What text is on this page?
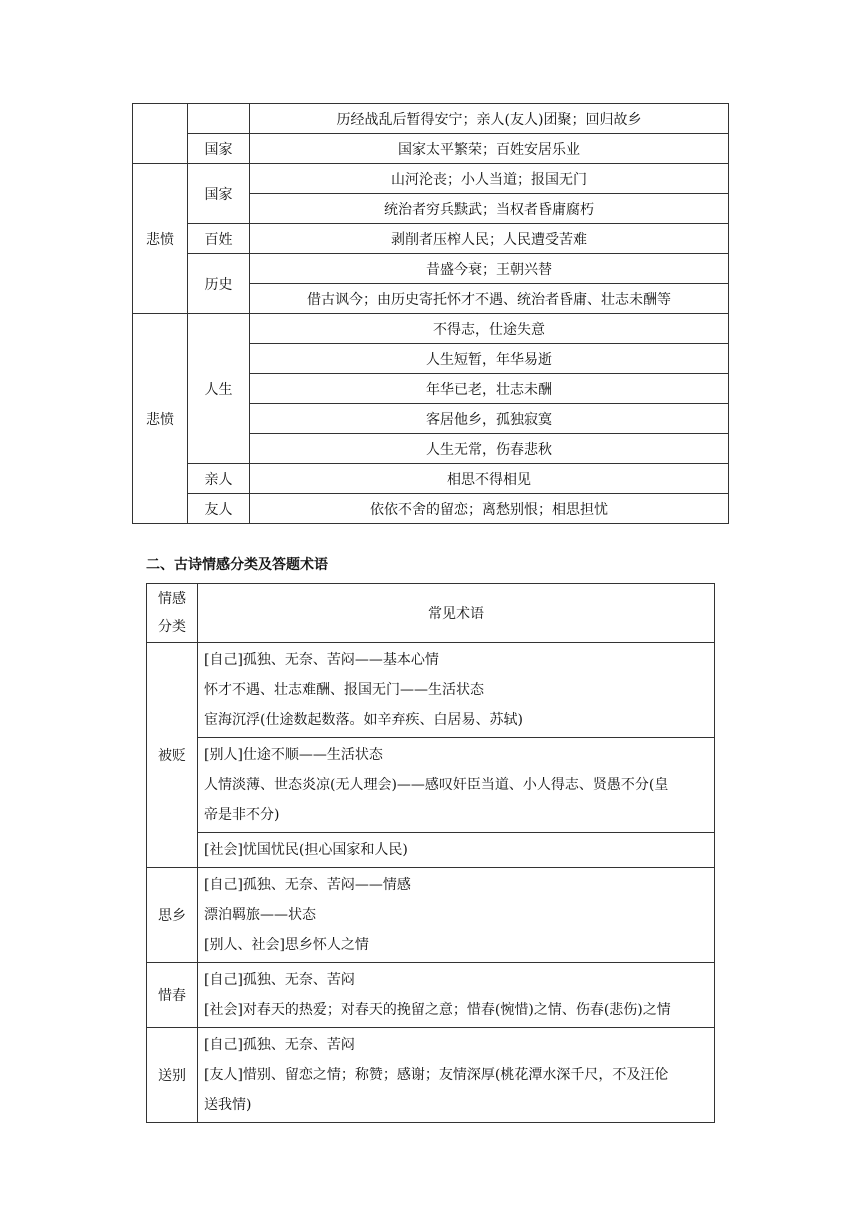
		历经战乱后暂得安宁；亲人(友人)团聚；回归故乡
	国家	国家太平繁荣；百姓安居乐业
悲愤	国家	山河沦丧；小人当道；报国无门
		统治者穷兵黩武；当权者昏庸腐朽
	百姓	剥削者压榨人民；人民遭受苦难
	历史	昔盛今衰；王朝兴替
		借古讽今；由历史寄托怀才不遇、统治者昏庸、壮志未酬等
悲愤	人生	不得志，仕途失意
		人生短暂，年华易逝
		年华已老，壮志未酬
		客居他乡，孤独寂寞
		人生无常，伤春悲秋
	亲人	相思不得相见
	友人	依依不舍的留恋；离愁别恨；相思担忧
二、古诗情感分类及答题术语
情感
分类	常见术语
被贬	[自己]孤独、无奈、苦闷——基本心情
怀才不遇、壮志难酬、报国无门——生活状态
宦海沉浮(仕途数起数落。如辛弃疾、白居易、苏轼)

	[别人]仕途不顺——生活状态
人情淡薄、世态炎凉(无人理会)——感叹奸臣当道、小人得志、贤愚不分(皇
帝是非不分)

	[社会]忧国忧民(担心国家和人民)

思乡	[自己]孤独、无奈、苦闷——情感
漂泊羁旅——状态
[别人、社会]思乡怀人之情

惜春	[自己]孤独、无奈、苦闷
[社会]对春天的热爱；对春天的挽留之意；惜春(惋惜)之情、伤春(悲伤)之情

送别	[自己]孤独、无奈、苦闷
[友人]惜别、留恋之情；称赞；感谢；友情深厚(桃花潭水深千尺，不及汪伦
送我情)
